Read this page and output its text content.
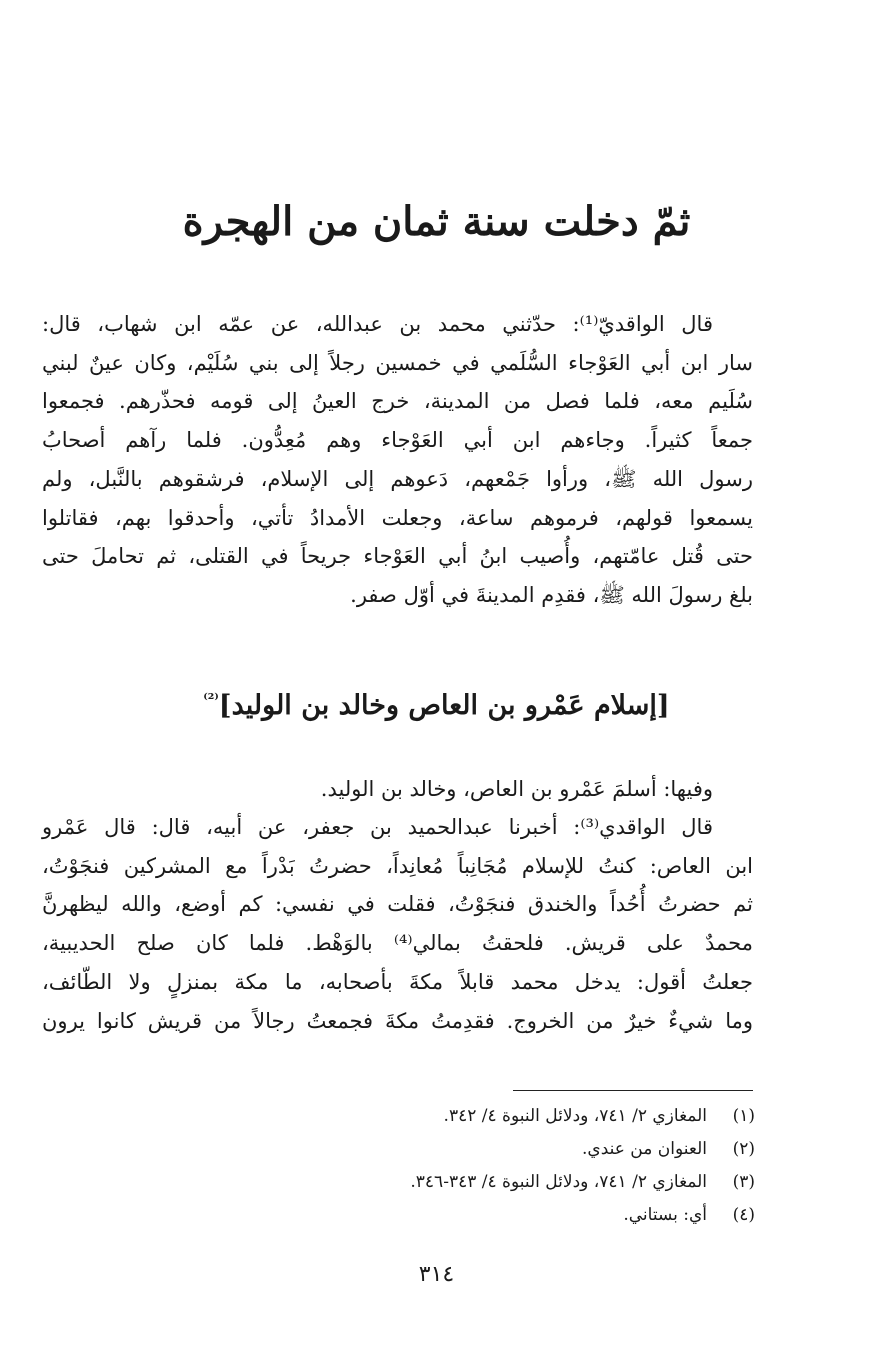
ثمّ دخلت سنة ثمان من الهجرة
قال الواقديّ⁽¹⁾: حدّثني محمد بن عبدالله، عن عمّه ابن شهاب، قال:
سار ابن أبي العَوْجاء السُّلَمي في خمسين رجلاً إلى بني سُلَيْم، وكان عينٌ لبني
سُلَيم معه، فلما فصل من المدينة، خرج العينُ إلى قومه فحذّرهم. فجمعوا
جمعاً كثيراً. وجاءهم ابن أبي العَوْجاء وهم مُعِدُّون. فلما رآهم أصحابُ
رسول الله ﷺ، ورأوا جَمْعهم، دَعوهم إلى الإسلام، فرشقوهم بالنَّبل، ولم
يسمعوا قولهم، فرموهم ساعة، وجعلت الأمدادُ تأتي، وأحدقوا بهم، فقاتلوا
حتى قُتل عامّتهم، وأُصيب ابنُ أبي العَوْجاء جريحاً في القتلى، ثم تحاملَ حتى
بلغ رسولَ الله ﷺ، فقدِم المدينةَ في أوّل صفر.
[إسلام عَمْرو بن العاص وخالد بن الوليد]$^{^{(2)}}$

وفيها: أسلمَ عَمْرو بن العاص، وخالد بن الوليد.

قال الواقدي⁽³⁾: أخبرنا عبدالحميد بن جعفر، عن أبيه، قال: قال عَمْرو
ابن العاص: كنتُ للإسلام مُجَانِباً مُعانِداً، حضرتُ بَدْراً مع المشركين فنجَوْتُ،
ثم حضرتُ أُحُداً والخندق فنجَوْتُ، فقلت في نفسي: كم أوضع، والله ليظهرنَّ
محمدٌ على قريش. فلحقتُ بمالي⁽⁴⁾ بالوَهْط. فلما كان صلح الحديبية،
جعلتُ أقول: يدخل محمد قابلاً مكةَ بأصحابه، ما مكة بمنزلٍ ولا الطّائف،
وما شيءٌ خيرٌ من الخروج. فقدِمتُ مكةَ فجمعتُ رجالاً من قريش كانوا يرون
(١)المغازي ٢/ ٧٤١، ودلائل النبوة ٤/ ٣٤٢.
(٢)العنوان من عندي.
(٣)المغازي ٢/ ٧٤١، ودلائل النبوة ٤/ ٣٤٣-٣٤٦.
(٤)أي: بستاني.

٣١٤
